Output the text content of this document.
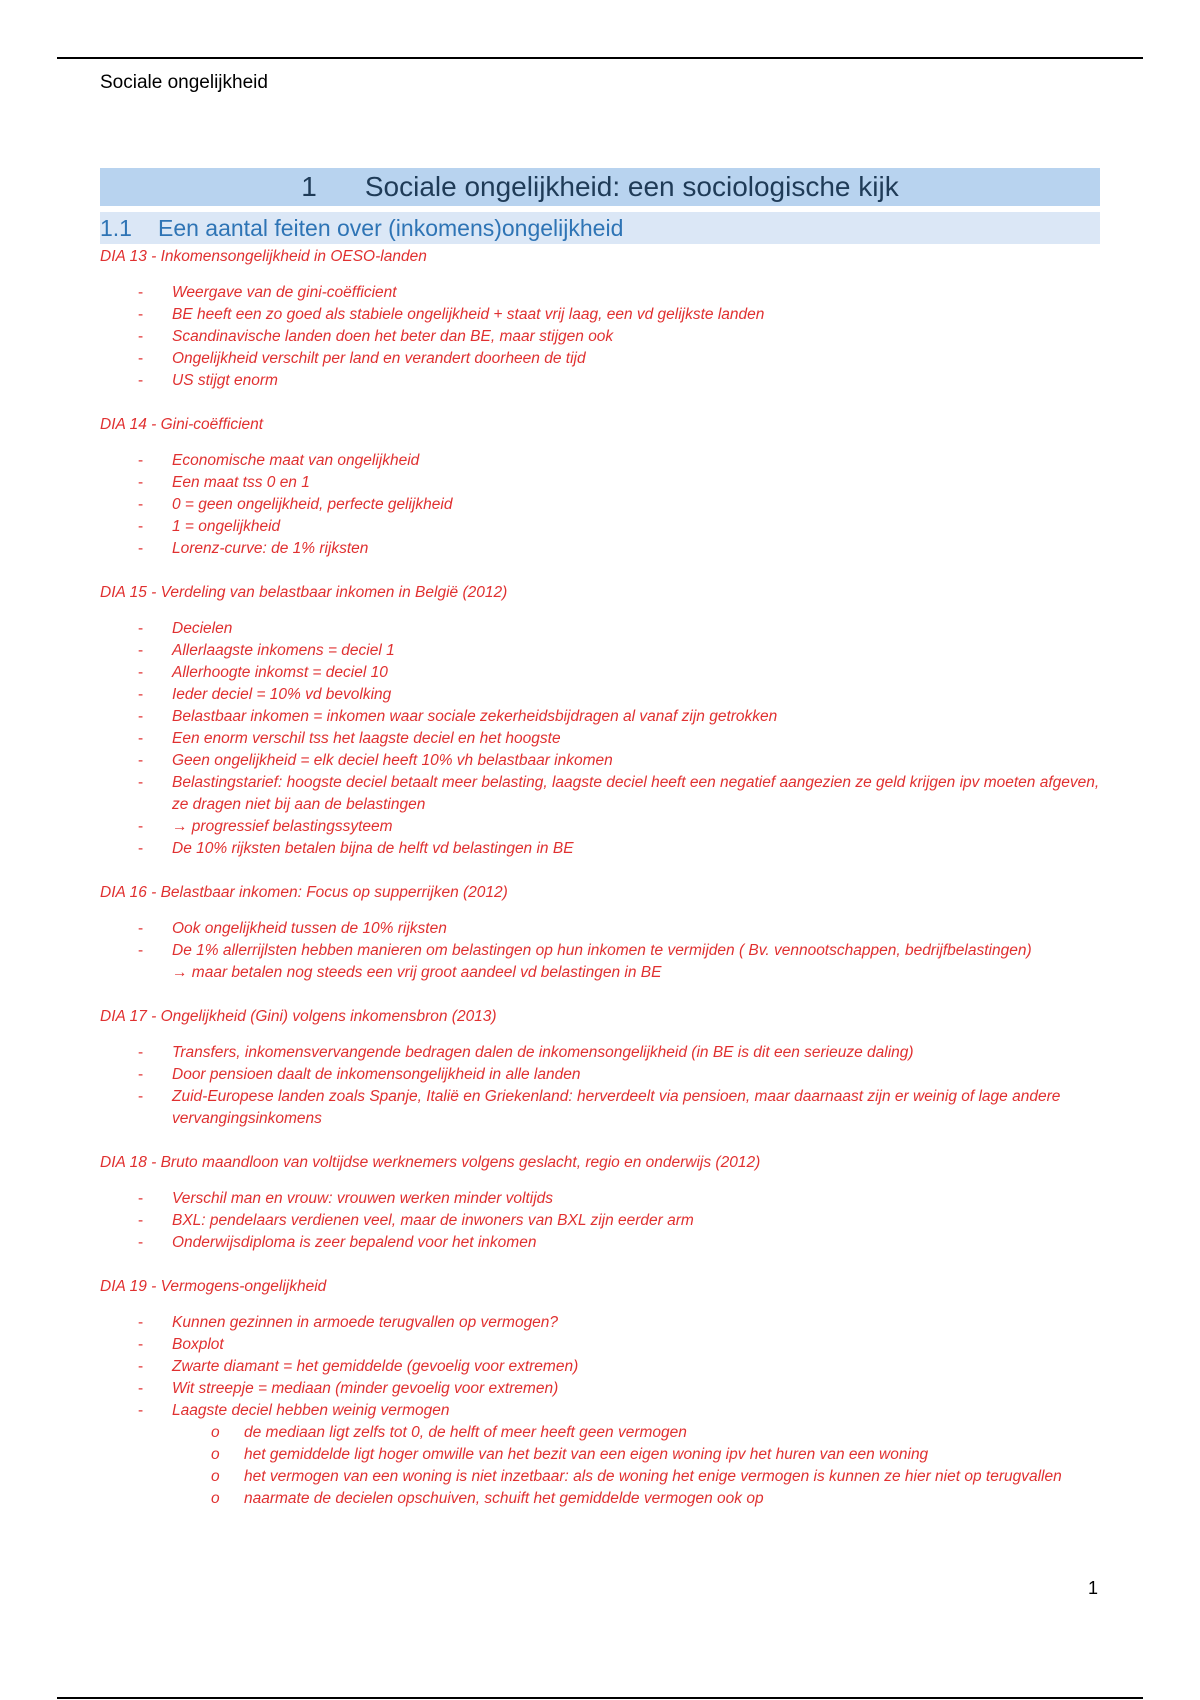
Sociale ongelijkheid
1 Sociale ongelijkheid: een sociologische kijk
1.1 Een aantal feiten over (inkomens)ongelijkheid
DIA 13 - Inkomensongelijkheid in OESO-landen
- Weergave van de gini-coëfficient
- BE heeft een zo goed als stabiele ongelijkheid + staat vrij laag, een vd gelijkste landen
- Scandinavische landen doen het beter dan BE, maar stijgen ook
- Ongelijkheid verschilt per land en verandert doorheen de tijd
- US stijgt enorm
DIA 14 - Gini-coëfficient
- Economische maat van ongelijkheid
- Een maat tss 0 en 1
- 0 = geen ongelijkheid, perfecte gelijkheid
- 1 = ongelijkheid
- Lorenz-curve: de 1% rijksten
DIA 15 - Verdeling van belastbaar inkomen in België (2012)
- Decielen
- Allerlaagste inkomens = deciel 1
- Allerhoogte inkomst = deciel 10
- Ieder deciel = 10% vd bevolking
- Belastbaar inkomen = inkomen waar sociale zekerheidsbijdragen al vanaf zijn getrokken
- Een enorm verschil tss het laagste deciel en het hoogste
- Geen ongelijkheid = elk deciel heeft 10% vh belastbaar inkomen
- Belastingstarief: hoogste deciel betaalt meer belasting, laagste deciel heeft een negatief aangezien ze geld krijgen ipv moeten afgeven, ze dragen niet bij aan de belastingen
- → progressief belastingssyteem
- De 10% rijksten betalen bijna de helft vd belastingen in BE
DIA 16 - Belastbaar inkomen: Focus op supperrijken (2012)
- Ook ongelijkheid tussen de 10% rijksten
- De 1% allerrijlsten hebben manieren om belastingen op hun inkomen te vermijden ( Bv. vennootschappen, bedrijfbelastingen)
→ maar betalen nog steeds een vrij groot aandeel vd belastingen in BE
DIA 17 - Ongelijkheid (Gini) volgens inkomensbron (2013)
- Transfers, inkomensvervangende bedragen dalen de inkomensongelijkheid (in BE is dit een serieuze daling)
- Door pensioen daalt de inkomensongelijkheid in alle landen
- Zuid-Europese landen zoals Spanje, Italië en Griekenland: herverdeelt via pensioen, maar daarnaast zijn er weinig of lage andere vervangingsinkomens
DIA 18 - Bruto maandloon van voltijdse werknemers volgens geslacht, regio en onderwijs (2012)
- Verschil man en vrouw: vrouwen werken minder voltijds
- BXL: pendelaars verdienen veel, maar de inwoners van BXL zijn eerder arm
- Onderwijsdiploma is zeer bepalend voor het inkomen
DIA 19 - Vermogens-ongelijkheid
- Kunnen gezinnen in armoede terugvallen op vermogen?
- Boxplot
- Zwarte diamant = het gemiddelde (gevoelig voor extremen)
- Wit streepje = mediaan (minder gevoelig voor extremen)
- Laagste deciel hebben weinig vermogen
o de mediaan ligt zelfs tot 0, de helft of meer heeft geen vermogen
o het gemiddelde ligt hoger omwille van het bezit van een eigen woning ipv het huren van een woning
o het vermogen van een woning is niet inzetbaar: als de woning het enige vermogen is kunnen ze hier niet op terugvallen
o naarmate de decielen opschuiven, schuift het gemiddelde vermogen ook op
1
